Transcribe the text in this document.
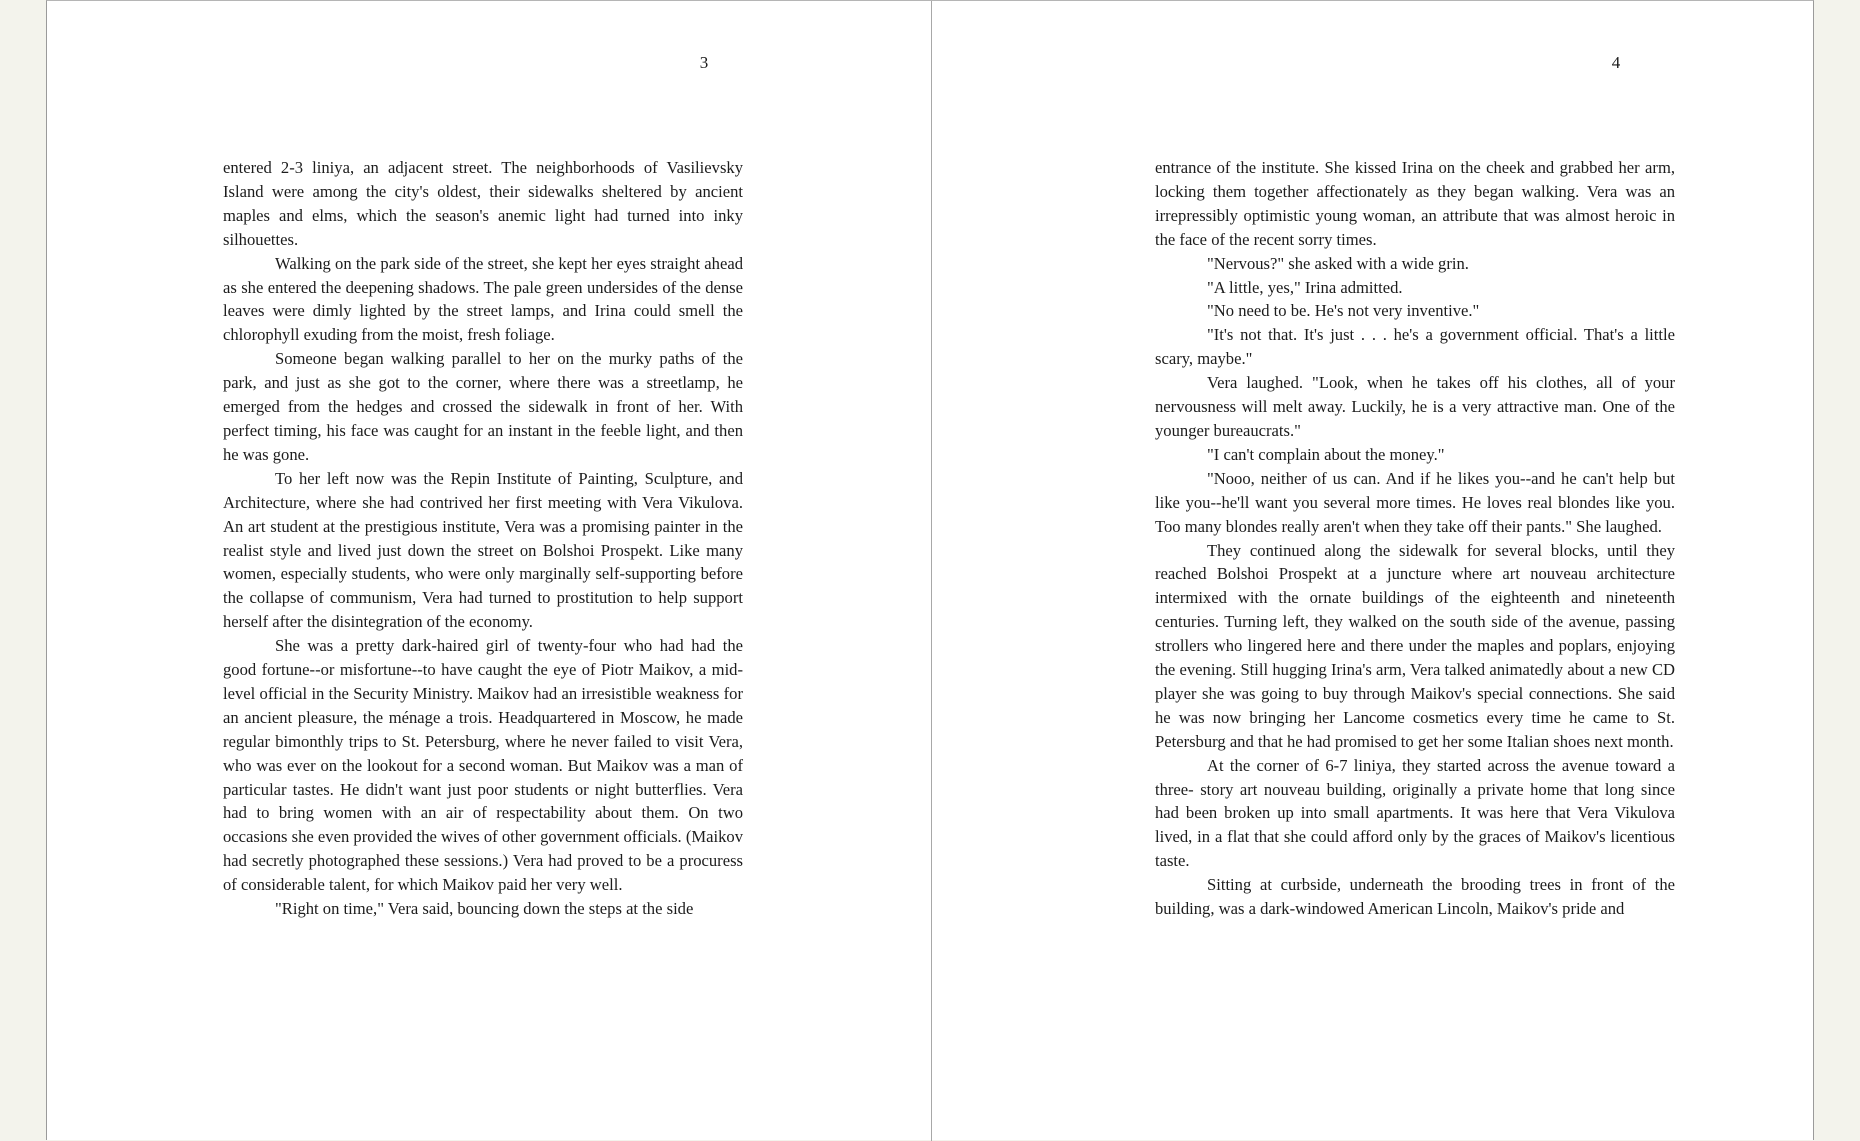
3

entered 2-3 liniya, an adjacent street. The neighborhoods of Vasilievsky Island were among the city's oldest, their sidewalks sheltered by ancient maples and elms, which the season's anemic light had turned into inky silhouettes.

Walking on the park side of the street, she kept her eyes straight ahead as she entered the deepening shadows. The pale green undersides of the dense leaves were dimly lighted by the street lamps, and Irina could smell the chlorophyll exuding from the moist, fresh foliage.

Someone began walking parallel to her on the murky paths of the park, and just as she got to the corner, where there was a streetlamp, he emerged from the hedges and crossed the sidewalk in front of her. With perfect timing, his face was caught for an instant in the feeble light, and then he was gone.

To her left now was the Repin Institute of Painting, Sculpture, and Architecture, where she had contrived her first meeting with Vera Vikulova. An art student at the prestigious institute, Vera was a promising painter in the realist style and lived just down the street on Bolshoi Prospekt. Like many women, especially students, who were only marginally self-supporting before the collapse of communism, Vera had turned to prostitution to help support herself after the disintegration of the economy.

She was a pretty dark-haired girl of twenty-four who had had the good fortune--or misfortune--to have caught the eye of Piotr Maikov, a mid- level official in the Security Ministry. Maikov had an irresistible weakness for an ancient pleasure, the ménage a trois. Headquartered in Moscow, he made regular bimonthly trips to St. Petersburg, where he never failed to visit Vera, who was ever on the lookout for a second woman. But Maikov was a man of particular tastes. He didn't want just poor students or night butterflies. Vera had to bring women with an air of respectability about them. On two occasions she even provided the wives of other government officials. (Maikov had secretly photographed these sessions.) Vera had proved to be a procuress of considerable talent, for which Maikov paid her very well.

"Right on time," Vera said, bouncing down the steps at the side

4

entrance of the institute. She kissed Irina on the cheek and grabbed her arm, locking them together affectionately as they began walking. Vera was an irrepressibly optimistic young woman, an attribute that was almost heroic in the face of the recent sorry times.

"Nervous?" she asked with a wide grin.

"A little, yes," Irina admitted.

"No need to be. He's not very inventive."

"It's not that. It's just . . . he's a government official. That's a little scary, maybe."

Vera laughed. "Look, when he takes off his clothes, all of your nervousness will melt away. Luckily, he is a very attractive man. One of the younger bureaucrats."

"I can't complain about the money."

"Nooo, neither of us can. And if he likes you--and he can't help but like you--he'll want you several more times. He loves real blondes like you. Too many blondes really aren't when they take off their pants." She laughed.

They continued along the sidewalk for several blocks, until they reached Bolshoi Prospekt at a juncture where art nouveau architecture intermixed with the ornate buildings of the eighteenth and nineteenth centuries. Turning left, they walked on the south side of the avenue, passing strollers who lingered here and there under the maples and poplars, enjoying the evening. Still hugging Irina's arm, Vera talked animatedly about a new CD player she was going to buy through Maikov's special connections. She said he was now bringing her Lancome cosmetics every time he came to St. Petersburg and that he had promised to get her some Italian shoes next month.

At the corner of 6-7 liniya, they started across the avenue toward a three- story art nouveau building, originally a private home that long since had been broken up into small apartments. It was here that Vera Vikulova lived, in a flat that she could afford only by the graces of Maikov's licentious taste.

Sitting at curbside, underneath the brooding trees in front of the building, was a dark-windowed American Lincoln, Maikov's pride and
